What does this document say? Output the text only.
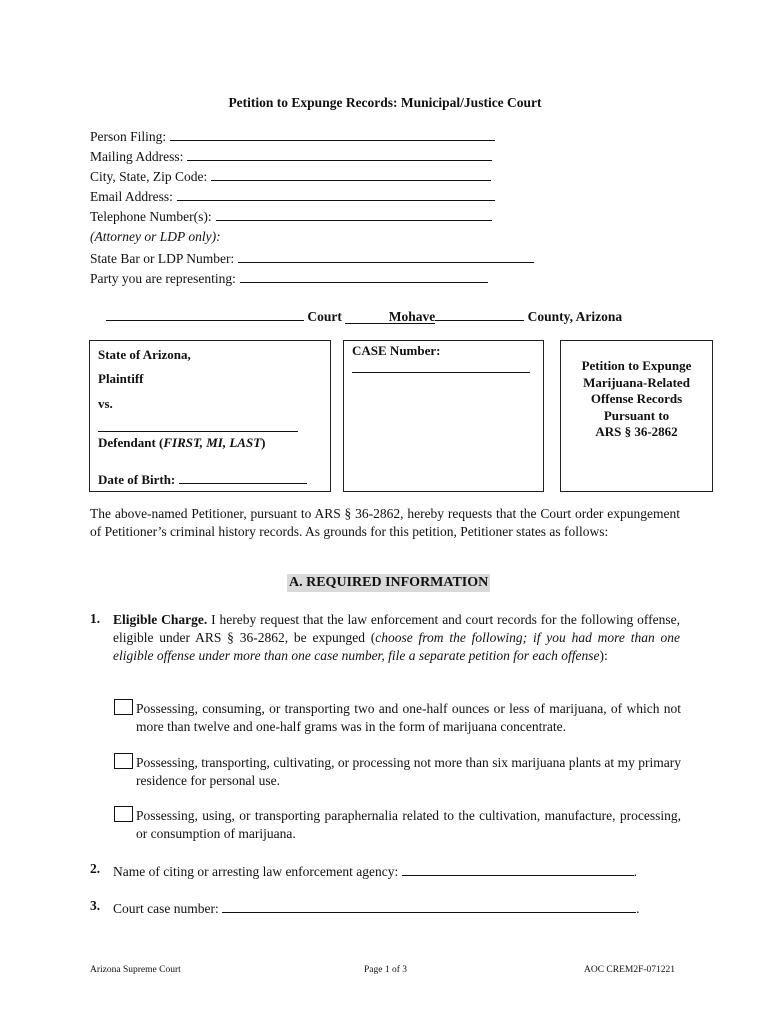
Petition to Expunge Records: Municipal/Justice Court
Person Filing:
Mailing Address:
City, State, Zip Code:
Email Address:
Telephone Number(s):
(Attorney or LDP only):
State Bar or LDP Number:
Party you are representing:
Court	Mohave	County, Arizona
State of Arizona,
Plaintiff
vs.
Defendant (FIRST, MI, LAST)
Date of Birth:
CASE Number:
Petition to Expunge
Marijuana-Related
Offense Records
Pursuant to
ARS § 36-2862
The above-named Petitioner, pursuant to ARS § 36-2862, hereby requests that the Court order expungement of Petitioner’s criminal history records. As grounds for this petition, Petitioner states as follows:
A. REQUIRED INFORMATION
1. Eligible Charge. I hereby request that the law enforcement and court records for the following offense, eligible under ARS § 36-2862, be expunged (choose from the following; if you had more than one eligible offense under more than one case number, file a separate petition for each offense):
Possessing, consuming, or transporting two and one-half ounces or less of marijuana, of which not more than twelve and one-half grams was in the form of marijuana concentrate.
Possessing, transporting, cultivating, or processing not more than six marijuana plants at my primary residence for personal use.
Possessing, using, or transporting paraphernalia related to the cultivation, manufacture, processing, or consumption of marijuana.
2. Name of citing or arresting law enforcement agency:	.
3. Court case number:	.
Arizona Supreme Court	Page 1 of 3	AOC CREM2F-071221
